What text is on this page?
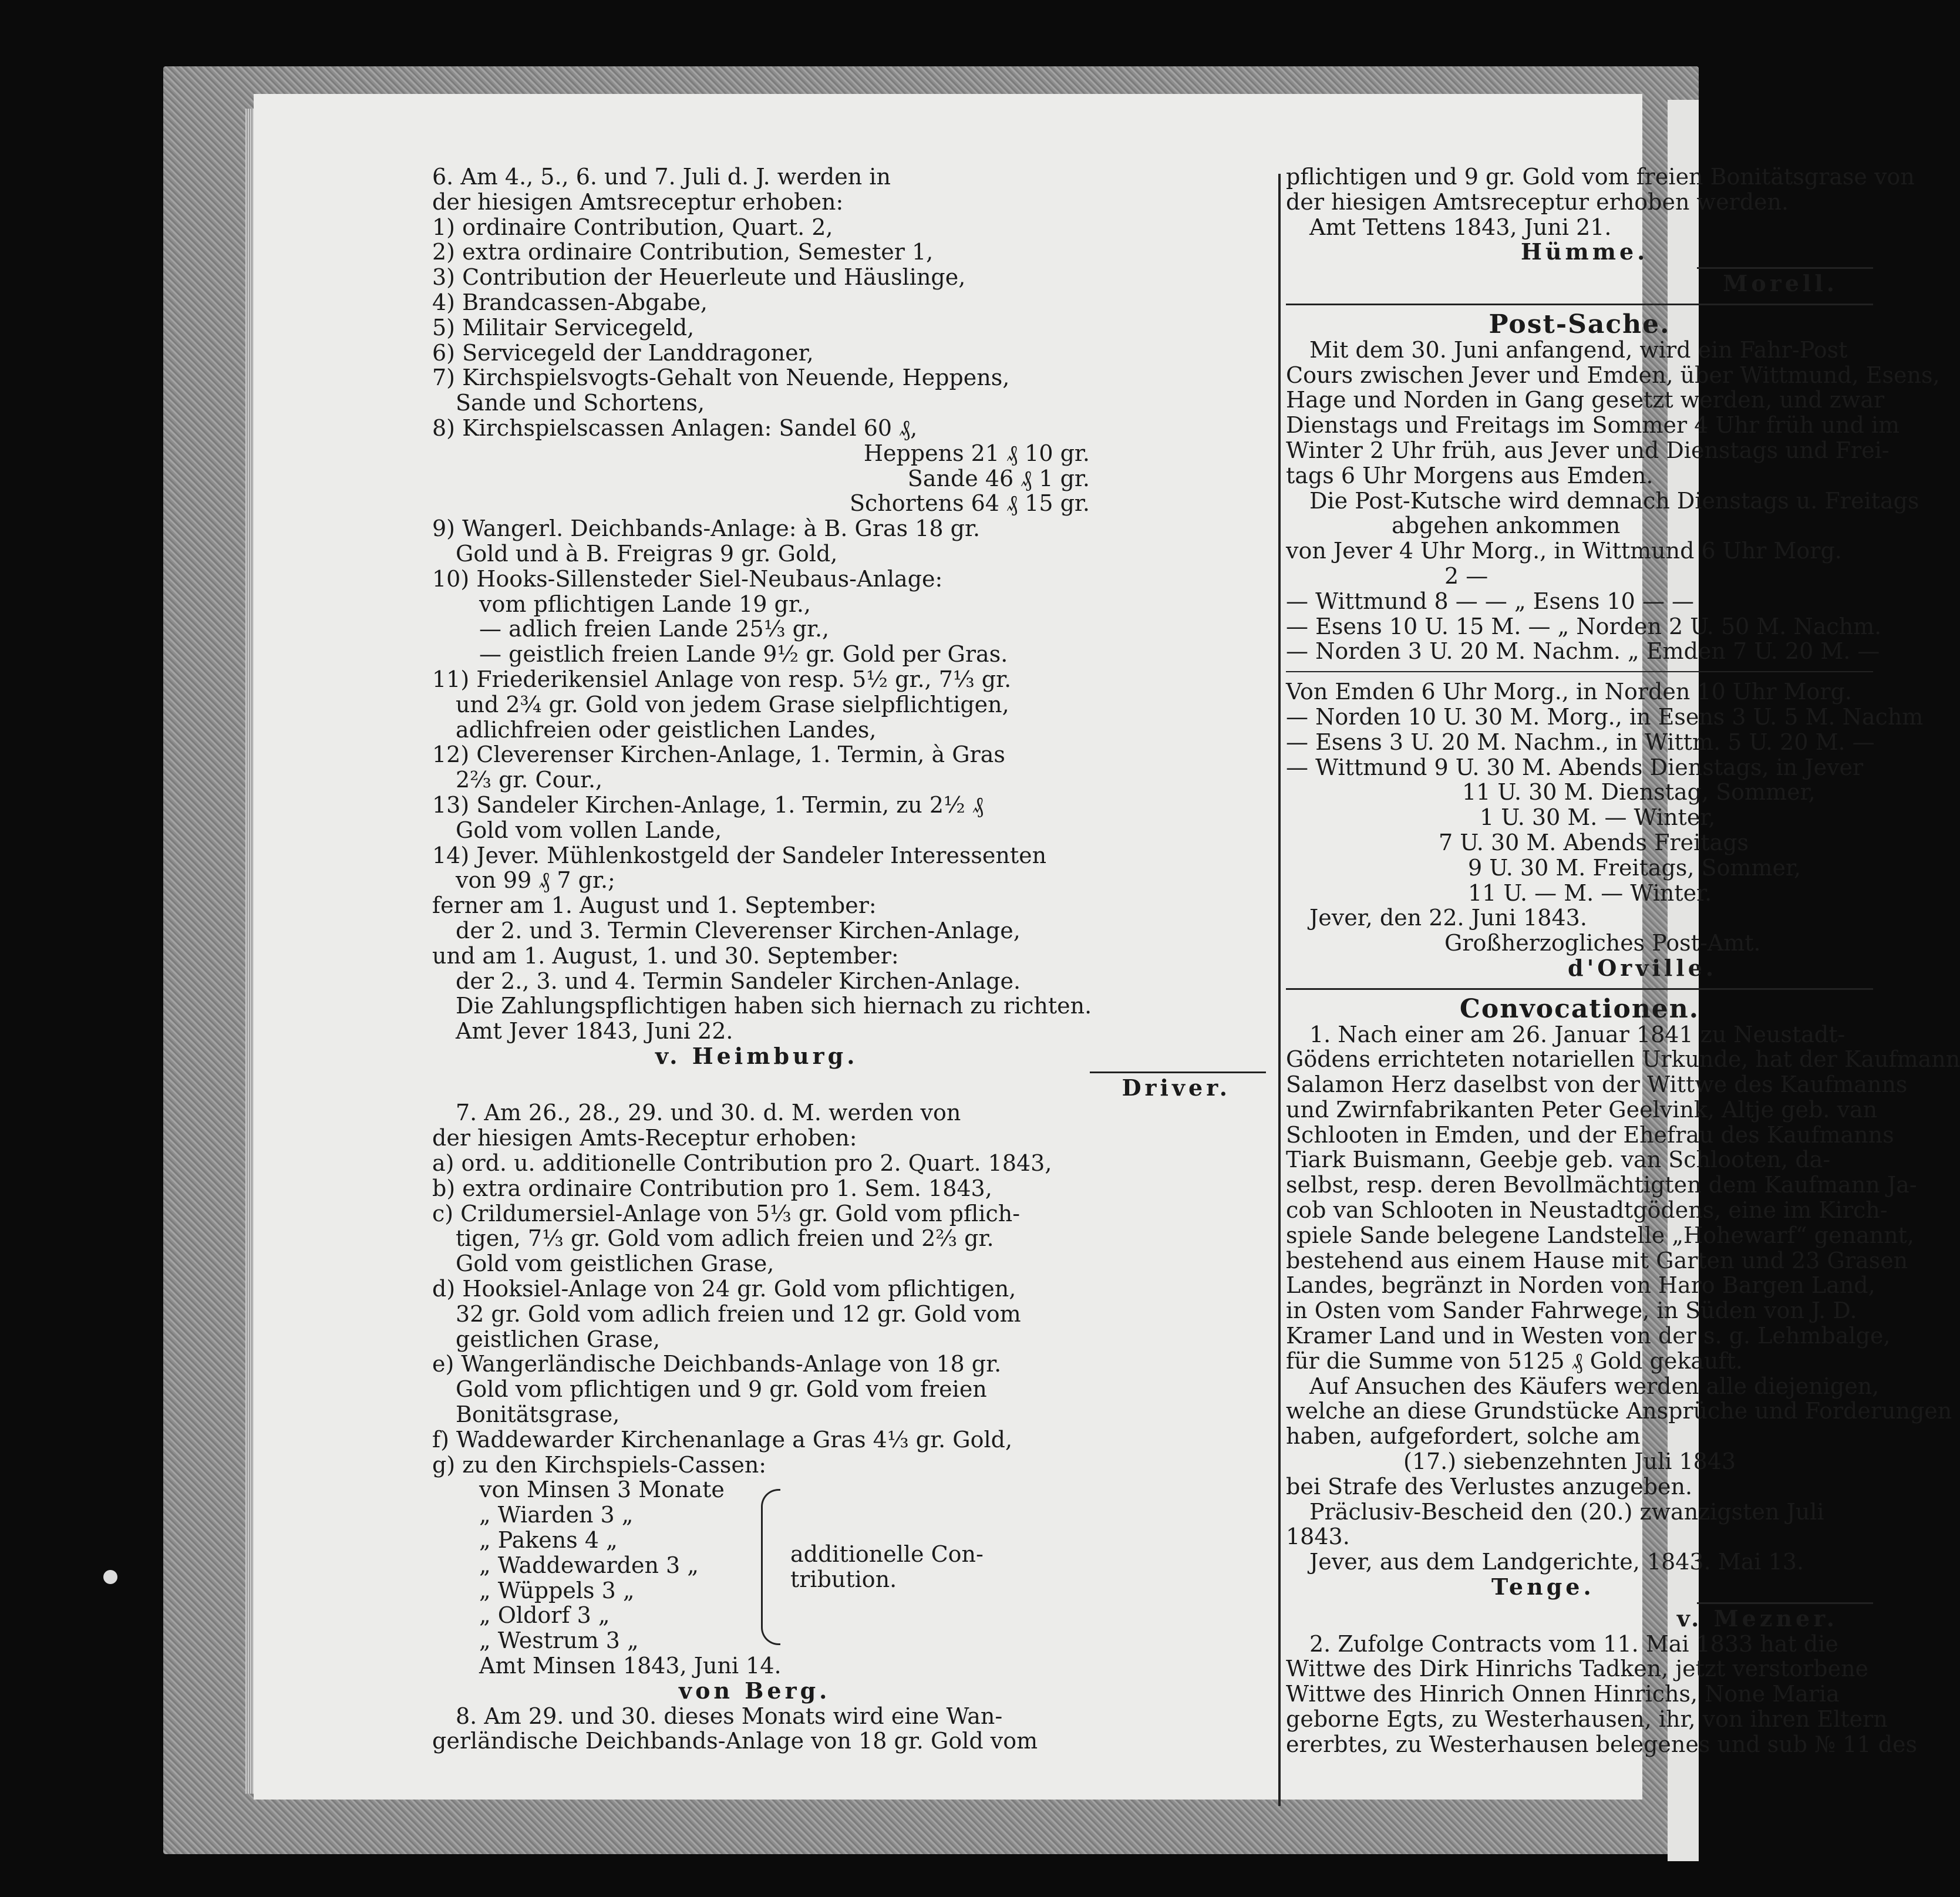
6. Am 4., 5., 6. und 7. Juli d. J. werden in

der hiesigen Amtsreceptur erhoben:

1) ordinaire Contribution, Quart. 2,

2) extra ordinaire Contribution, Semester 1,

3) Contribution der Heuerleute und Häuslinge,

4) Brandcassen-Abgabe,

5) Militair Servicegeld,

6) Servicegeld der Landdragoner,

7) Kirchspielsvogts-Gehalt von Neuende, Heppens,

Sande und Schortens,

8) Kirchspielscassen Anlagen: Sandel 60 ₰,

Heppens 21 ₰ 10 gr.

Sande 46 ₰ 1 gr.

Schortens 64 ₰ 15 gr.

9) Wangerl. Deichbands-Anlage: à B. Gras 18 gr.

Gold und à B. Freigras 9 gr. Gold,

10) Hooks-Sillensteder Siel-Neubaus-Anlage:

vom pflichtigen Lande 19 gr.,

— adlich freien Lande 25⅓ gr.,

— geistlich freien Lande 9½ gr. Gold per Gras.

11) Friederikensiel Anlage von resp. 5½ gr., 7⅓ gr.

und 2¾ gr. Gold von jedem Grase sielpflichtigen,

adlichfreien oder geistlichen Landes,

12) Cleverenser Kirchen-Anlage, 1. Termin, à Gras

2⅔ gr. Cour.,

13) Sandeler Kirchen-Anlage, 1. Termin, zu 2½ ₰

Gold vom vollen Lande,

14) Jever. Mühlenkostgeld der Sandeler Interessenten

von 99 ₰ 7 gr.;

ferner am 1. August und 1. September:

der 2. und 3. Termin Cleverenser Kirchen-Anlage,

und am 1. August, 1. und 30. September:

der 2., 3. und 4. Termin Sandeler Kirchen-Anlage.

Die Zahlungspflichtigen haben sich hiernach zu richten.

Amt Jever 1843, Juni 22.

v. Heimburg.

Driver.

7. Am 26., 28., 29. und 30. d. M. werden von

der hiesigen Amts-Receptur erhoben:

a) ord. u. additionelle Contribution pro 2. Quart. 1843,

b) extra ordinaire Contribution pro 1. Sem. 1843,

c) Crildumersiel-Anlage von 5⅓ gr. Gold vom pflich-

tigen, 7⅓ gr. Gold vom adlich freien und 2⅔ gr.

Gold vom geistlichen Grase,

d) Hooksiel-Anlage von 24 gr. Gold vom pflichtigen,

32 gr. Gold vom adlich freien und 12 gr. Gold vom

geistlichen Grase,

e) Wangerländische Deichbands-Anlage von 18 gr.

Gold vom pflichtigen und 9 gr. Gold vom freien

Bonitätsgrase,

f) Waddewarder Kirchenanlage a Gras 4⅓ gr. Gold,

g) zu den Kirchspiels-Cassen:

von Minsen 3 Monate

„ Wiarden 3 „

„ Pakens 4 „

„ Waddewarden 3 „

„ Wüppels 3 „

„ Oldorf 3 „

„ Westrum 3 „

additionelle Con-

tribution.

Amt Minsen 1843, Juni 14.

von Berg.

8. Am 29. und 30. dieses Monats wird eine Wan-

gerländische Deichbands-Anlage von 18 gr. Gold vom

pflichtigen und 9 gr. Gold vom freien Bonitätsgrase von

der hiesigen Amtsreceptur erhoben werden.

Amt Tettens 1843, Juni 21.

Hümme.

Morell.

Post-Sache.

Mit dem 30. Juni anfangend, wird ein Fahr-Post

Cours zwischen Jever und Emden, über Wittmund, Esens,

Hage und Norden in Gang gesetzt werden, und zwar

Dienstags und Freitags im Sommer 4 Uhr früh und im

Winter 2 Uhr früh, aus Jever und Dienstags und Frei-

tags 6 Uhr Morgens aus Emden.

Die Post-Kutsche wird demnach Dienstags u. Freitags

abgehen ankommen

von Jever 4 Uhr Morg., in Wittmund 6 Uhr Morg.

2 —

— Wittmund 8 — — „ Esens 10 — —

— Esens 10 U. 15 M. — „ Norden 2 U. 50 M. Nachm.

— Norden 3 U. 20 M. Nachm. „ Emden 7 U. 20 M. —

Von Emden 6 Uhr Morg., in Norden 10 Uhr Morg.

— Norden 10 U. 30 M. Morg., in Esens 3 U. 5 M. Nachm

— Esens 3 U. 20 M. Nachm., in Wittm. 5 U. 20 M. —

— Wittmund 9 U. 30 M. Abends Dienstags, in Jever

11 U. 30 M. Dienstag, Sommer,

1 U. 30 M. — Winter,

7 U. 30 M. Abends Freitags

9 U. 30 M. Freitags, Sommer,

11 U. — M. — Winter.

Jever, den 22. Juni 1843.

Großherzogliches Post-Amt.

d'Orville.

Convocationen.

1. Nach einer am 26. Januar 1841 zu Neustadt-

Gödens errichteten notariellen Urkunde, hat der Kaufmann

Salamon Herz daselbst von der Wittwe des Kaufmanns

und Zwirnfabrikanten Peter Geelvink, Altje geb. van

Schlooten in Emden, und der Ehefrau des Kaufmanns

Tiark Buismann, Geebje geb. van Schlooten, da-

selbst, resp. deren Bevollmächtigten dem Kaufmann Ja-

cob van Schlooten in Neustadtgödens, eine im Kirch-

spiele Sande belegene Landstelle „Hohewarf“ genannt,

bestehend aus einem Hause mit Garten und 23 Grasen

Landes, begränzt in Norden von Haro Bargen Land,

in Osten vom Sander Fahrwege, in Süden von J. D.

Kramer Land und in Westen von der s. g. Lehmbalge,

für die Summe von 5125 ₰ Gold gekauft.

Auf Ansuchen des Käufers werden alle diejenigen,

welche an diese Grundstücke Ansprüche und Forderungen

haben, aufgefordert, solche am

(17.) siebenzehnten Juli 1843

bei Strafe des Verlustes anzugeben.

Präclusiv-Bescheid den (20.) zwanzigsten Juli

1843.

Jever, aus dem Landgerichte, 1843. Mai 13.

Tenge.

v. Mezner.

2. Zufolge Contracts vom 11. Mai 1833 hat die

Wittwe des Dirk Hinrichs Tadken, jetzt verstorbene

Wittwe des Hinrich Onnen Hinrichs, None Maria

geborne Egts, zu Westerhausen, ihr, von ihren Eltern

ererbtes, zu Westerhausen belegenes und sub № 11 des
